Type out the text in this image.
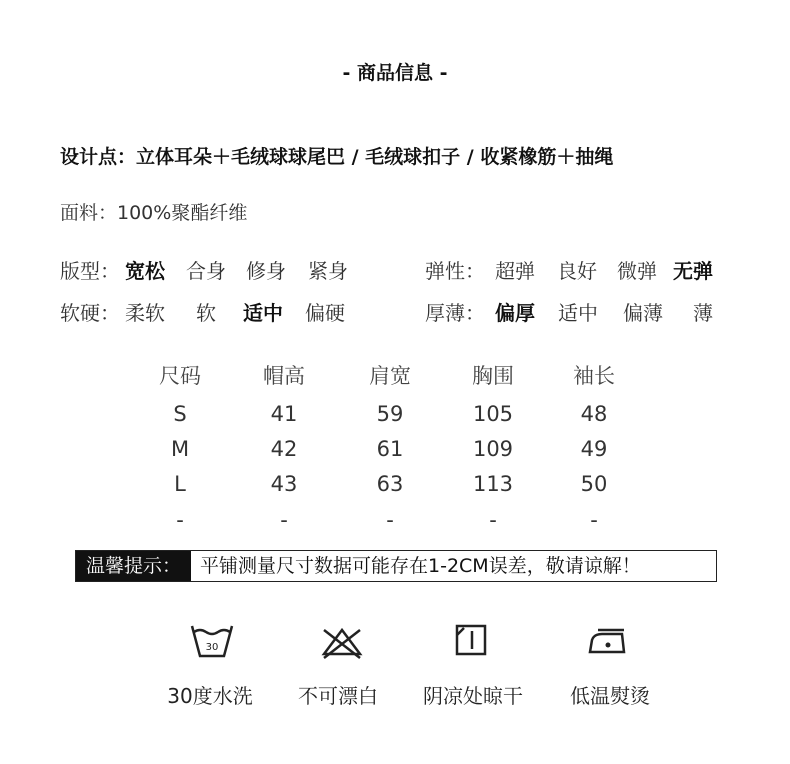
- 商品信息 -
设计点：立体耳朵＋毛绒球球尾巴 / 毛绒球扣子 / 收紧橡筋＋抽绳
面料：100%聚酯纤维
版型： 宽松 合身 修身 紧身	弹性： 超弹 良好 微弹 无弹
软硬： 柔软 软 适中 偏硬	厚薄： 偏厚 适中 偏薄 薄
尺码	帽高	肩宽	胸围	袖长
S	41	59	105	48
M	42	61	109	49
L	43	63	113	50
-	-	-	-	-
温馨提示：	平铺测量尺寸数据可能存在1-2CM误差，敬请谅解！
30
30度水洗	不可漂白	阴凉处晾干	低温熨烫
